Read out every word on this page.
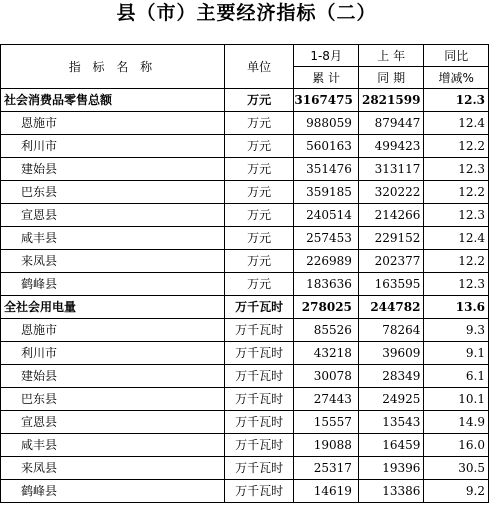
县（市）主要经济指标（二）

指 标 名 称	单位	1-8月	上 年	同比
		累 计	同 期	增减%
社会消费品零售总额	万元	3167475	2821599	12.3
恩施市	万元	988059	879447	12.4
利川市	万元	560163	499423	12.2
建始县	万元	351476	313117	12.3
巴东县	万元	359185	320222	12.2
宣恩县	万元	240514	214266	12.3
咸丰县	万元	257453	229152	12.4
来凤县	万元	226989	202377	12.2
鹤峰县	万元	183636	163595	12.3
全社会用电量	万千瓦时	278025	244782	13.6
恩施市	万千瓦时	85526	78264	9.3
利川市	万千瓦时	43218	39609	9.1
建始县	万千瓦时	30078	28349	6.1
巴东县	万千瓦时	27443	24925	10.1
宣恩县	万千瓦时	15557	13543	14.9
咸丰县	万千瓦时	19088	16459	16.0
来凤县	万千瓦时	25317	19396	30.5
鹤峰县	万千瓦时	14619	13386	9.2
